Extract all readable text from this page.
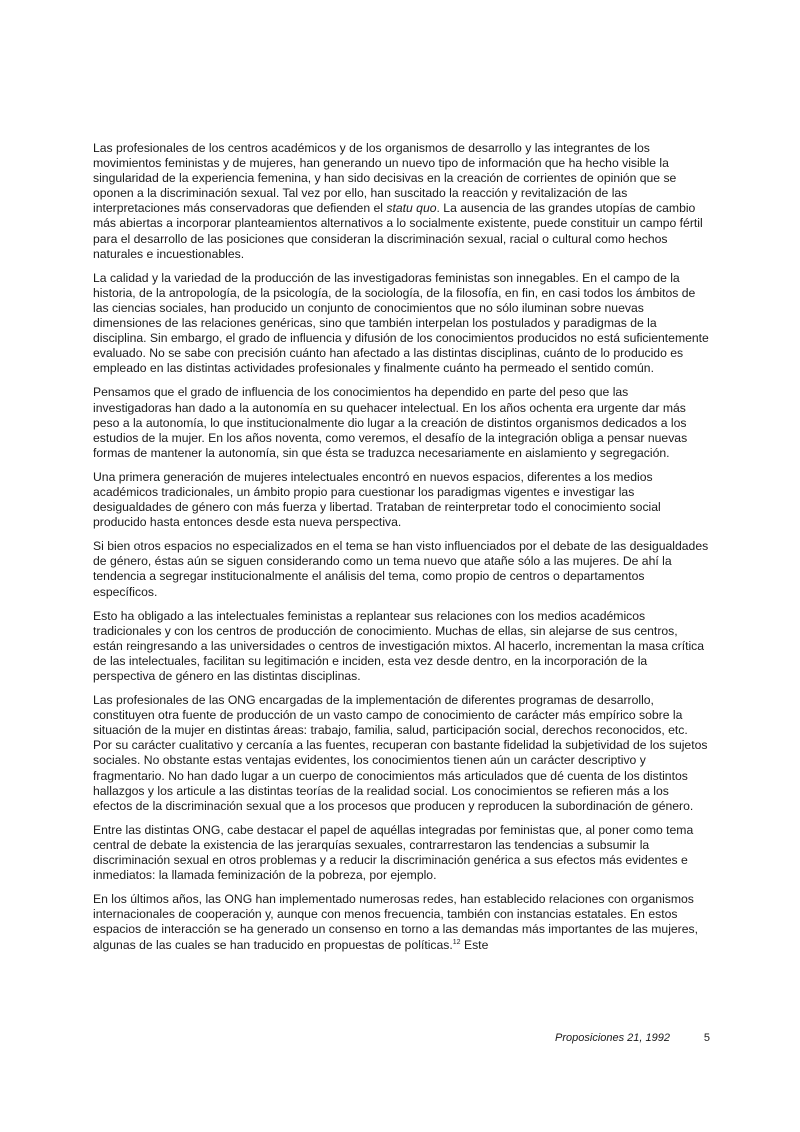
Las profesionales de los centros académicos y de los organismos de desarrollo y las integrantes de los movimientos feministas y de mujeres, han generando un nuevo tipo de información que ha hecho visible la singularidad de la experiencia femenina, y han sido decisivas en la creación de corrientes de opinión que se oponen a la discriminación sexual. Tal vez por ello, han suscitado la reacción y revitalización de las interpretaciones más conservadoras que defienden el statu quo. La ausencia de las grandes utopías de cambio más abiertas a incorporar planteamientos alternativos a lo socialmente existente, puede constituir un campo fértil para el desarrollo de las posiciones que consideran la discriminación sexual, racial o cultural como hechos naturales e incuestionables.

La calidad y la variedad de la producción de las investigadoras feministas son innegables. En el campo de la historia, de la antropología, de la psicología, de la sociología, de la filosofía, en fin, en casi todos los ámbitos de las ciencias sociales, han producido un conjunto de conocimientos que no sólo iluminan sobre nuevas dimensiones de las relaciones genéricas, sino que también interpelan los postulados y paradigmas de la disciplina. Sin embargo, el grado de influencia y difusión de los conocimientos producidos no está suficientemente evaluado. No se sabe con precisión cuánto han afectado a las distintas disciplinas, cuánto de lo producido es empleado en las distintas actividades profesionales y finalmente cuánto ha permeado el sentido común.

Pensamos que el grado de influencia de los conocimientos ha dependido en parte del peso que las investigadoras han dado a la autonomía en su quehacer intelectual. En los años ochenta era urgente dar más peso a la autonomía, lo que institucionalmente dio lugar a la creación de distintos organismos dedicados a los estudios de la mujer. En los años noventa, como veremos, el desafío de la integración obliga a pensar nuevas formas de mantener la autonomía, sin que ésta se traduzca necesariamente en aislamiento y segregación.

Una primera generación de mujeres intelectuales encontró en nuevos espacios, diferentes a los medios académicos tradicionales, un ámbito propio para cuestionar los paradigmas vigentes e investigar las desigualdades de género con más fuerza y libertad. Trataban de reinterpretar todo el conocimiento social producido hasta entonces desde esta nueva perspectiva.

Si bien otros espacios no especializados en el tema se han visto influenciados por el debate de las desigualdades de género, éstas aún se siguen considerando como un tema nuevo que atañe sólo a las mujeres. De ahí la tendencia a segregar institucionalmente el análisis del tema, como propio de centros o departamentos específicos.

Esto ha obligado a las intelectuales feministas a replantear sus relaciones con los medios académicos tradicionales y con los centros de producción de conocimiento. Muchas de ellas, sin alejarse de sus centros, están reingresando a las universidades o centros de investigación mixtos. Al hacerlo, incrementan la masa crítica de las intelectuales, facilitan su legitimación e inciden, esta vez desde dentro, en la incorporación de la perspectiva de género en las distintas disciplinas.

Las profesionales de las ONG encargadas de la implementación de diferentes programas de desarrollo, constituyen otra fuente de producción de un vasto campo de conocimiento de carácter más empírico sobre la situación de la mujer en distintas áreas: trabajo, familia, salud, participación social, derechos reconocidos, etc. Por su carácter cualitativo y cercanía a las fuentes, recuperan con bastante fidelidad la subjetividad de los sujetos sociales. No obstante estas ventajas evidentes, los conocimientos tienen aún un carácter descriptivo y fragmentario. No han dado lugar a un cuerpo de conocimientos más articulados que dé cuenta de los distintos hallazgos y los articule a las distintas teorías de la realidad social. Los conocimientos se refieren más a los efectos de la discriminación sexual que a los procesos que producen y reproducen la subordinación de género.

Entre las distintas ONG, cabe destacar el papel de aquéllas integradas por feministas que, al poner como tema central de debate la existencia de las jerarquías sexuales, contrarrestaron las tendencias a subsumir la discriminación sexual en otros problemas y a reducir la discriminación genérica a sus efectos más evidentes e inmediatos: la llamada feminización de la pobreza, por ejemplo.

En los últimos años, las ONG han implementado numerosas redes, han establecido relaciones con organismos internacionales de cooperación y, aunque con menos frecuencia, también con instancias estatales. En estos espacios de interacción se ha generado un consenso en torno a las demandas más importantes de las mujeres, algunas de las cuales se han traducido en propuestas de políticas.$^{12}$ Este

Proposiciones 21, 1992	5
